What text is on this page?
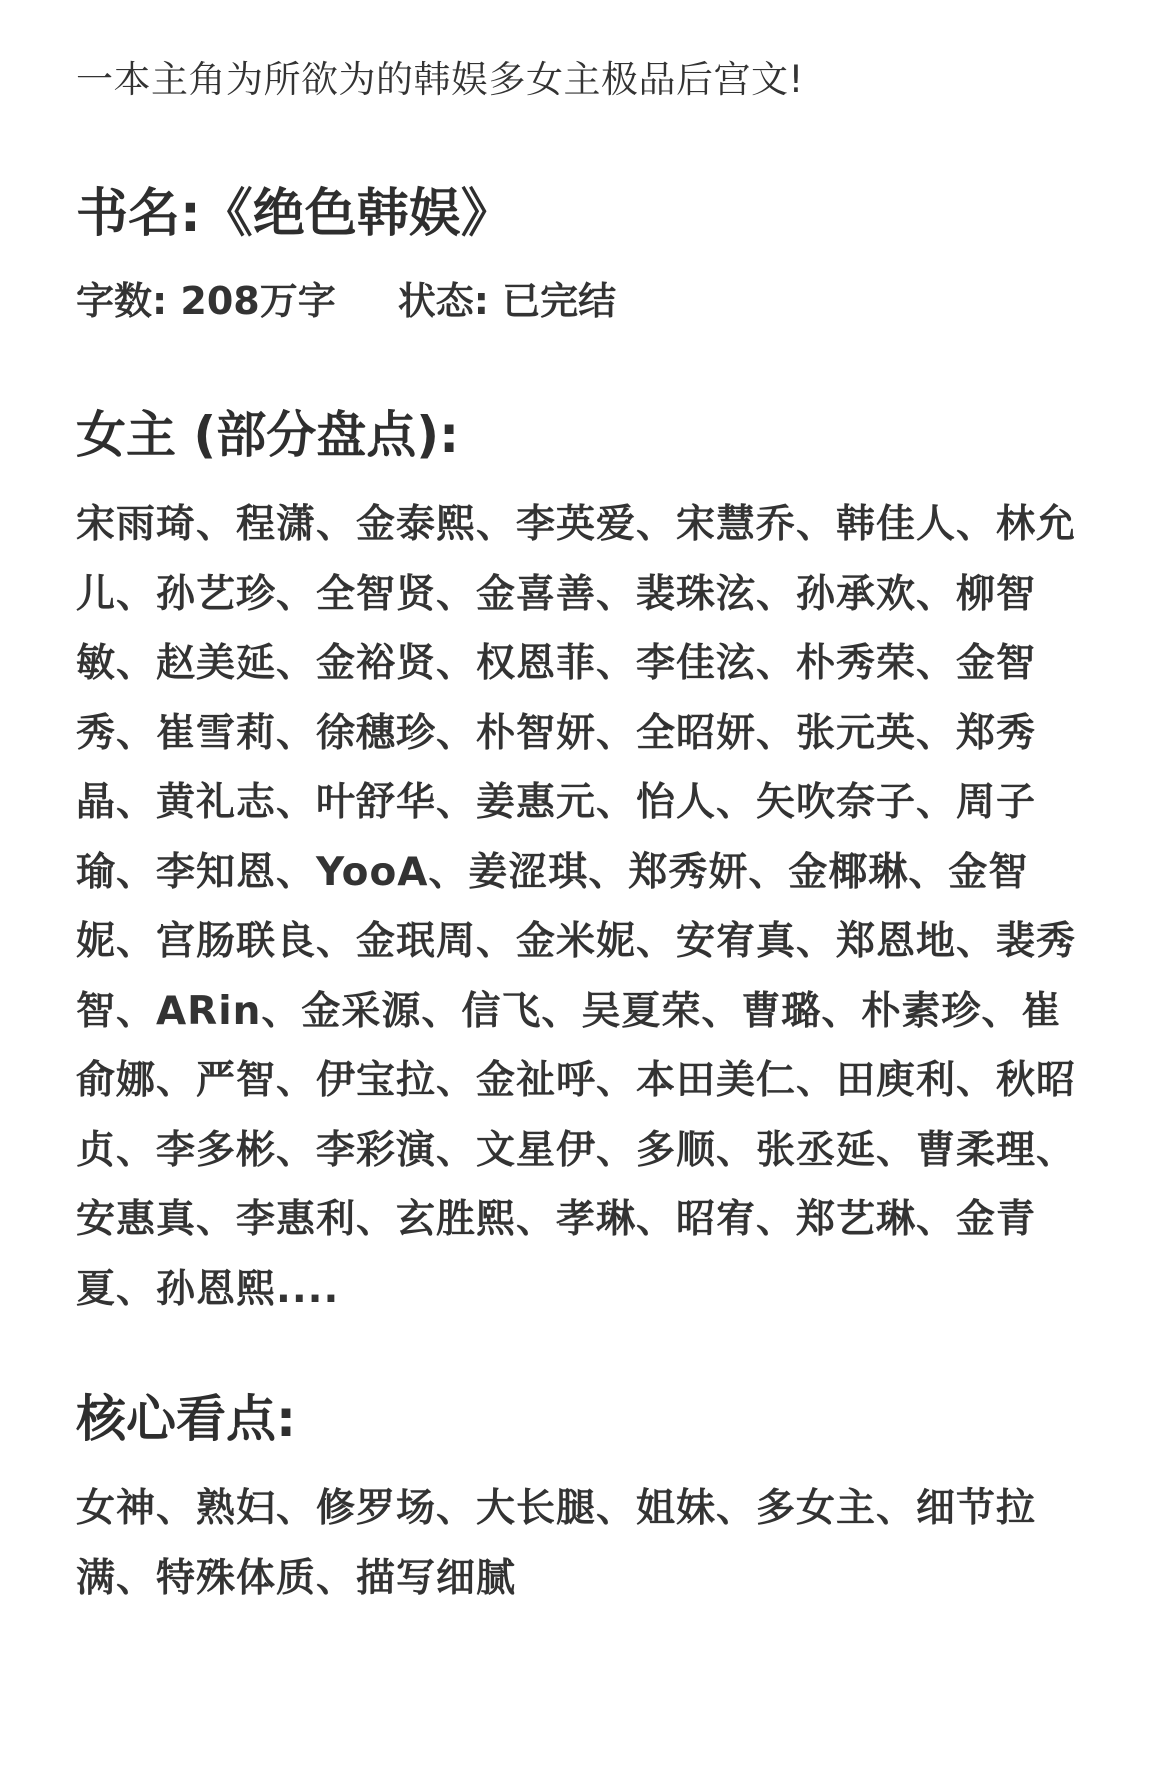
一本主角为所欲为的韩娱多女主极品后宫文!
书名:《绝色韩娱》
字数: 208万字 状态: 已完结
女主 (部分盘点):
宋雨琦、程潇、金泰熙、李英爱、宋慧乔、韩佳人、林允儿、孙艺珍、全智贤、金喜善、裴珠泫、孙承欢、柳智敏、赵美延、金裕贤、权恩菲、李佳泫、朴秀荣、金智秀、崔雪莉、徐穗珍、朴智妍、全昭妍、张元英、郑秀晶、黄礼志、叶舒华、姜惠元、怡人、矢吹奈子、周子瑜、李知恩、YooA、姜涩琪、郑秀妍、金椰琳、金智妮、宫肠联良、金珉周、金米妮、安宥真、郑恩地、裴秀智、ARin、金采源、信飞、吴夏荣、曹璐、朴素珍、崔俞娜、严智、伊宝拉、金祉呼、本田美仁、田庾利、秋昭贞、李多彬、李彩演、文星伊、多顺、张丞延、曹柔理、安惠真、李惠利、玄胜熙、孝琳、昭宥、郑艺琳、金青夏、孙恩熙....
核心看点:
女神、熟妇、修罗场、大长腿、姐妹、多女主、细节拉满、特殊体质、描写细腻
